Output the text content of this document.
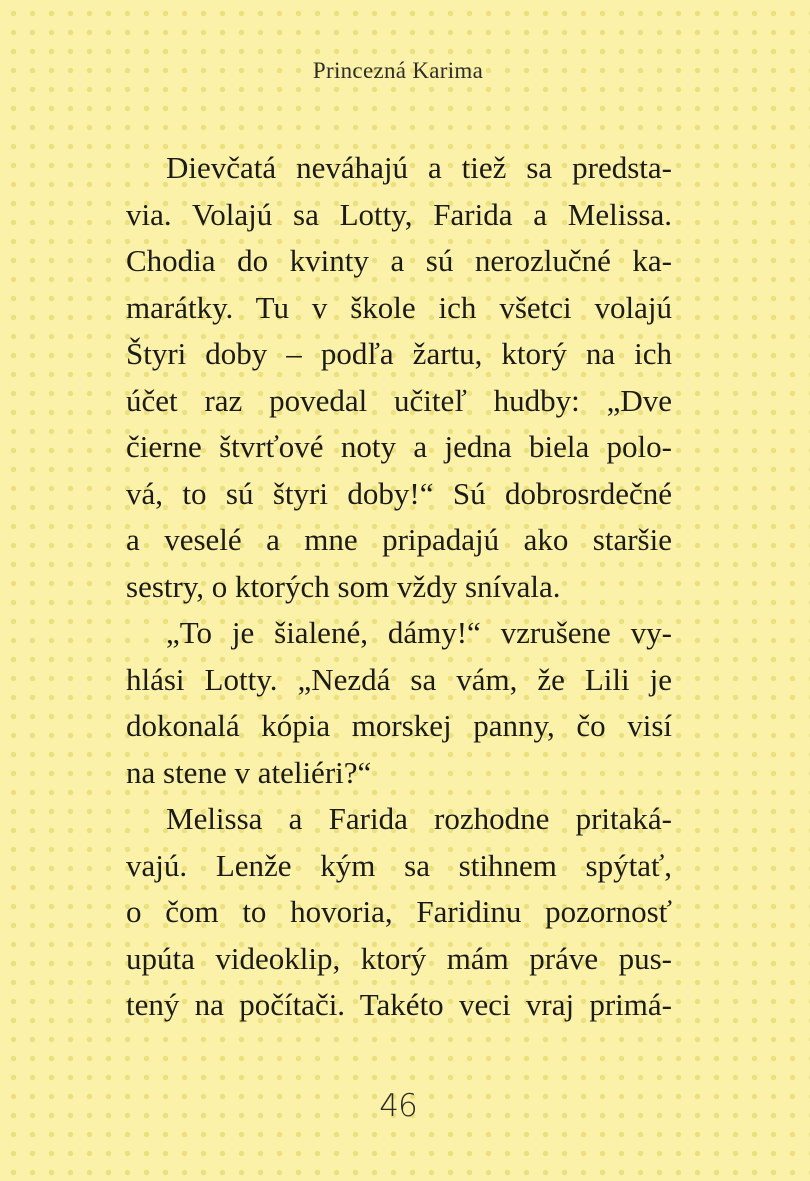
Princezná Karima
Dievčatá neváhajú a tiež sa predsta-
via. Volajú sa Lotty, Farida a Melissa.
Chodia do kvinty a sú nerozlučné ka-
marátky. Tu v škole ich všetci volajú
Štyri doby – podľa žartu, ktorý na ich
účet raz povedal učiteľ hudby: „Dve
čierne štvrťové noty a jedna biela polo-
vá, to sú štyri doby!“ Sú dobrosrdečné
a veselé a mne pripadajú ako staršie
sestry, o ktorých som vždy snívala.
„To je šialené, dámy!“ vzrušene vy-
hlási Lotty. „Nezdá sa vám, že Lili je
dokonalá kópia morskej panny, čo visí
na stene v ateliéri?“
Melissa a Farida rozhodne pritaká-
vajú. Lenže kým sa stihnem spýtať,
o čom to hovoria, Faridinu pozornosť
upúta videoklip, ktorý mám práve pus-
tený na počítači. Takéto veci vraj primá-
46
